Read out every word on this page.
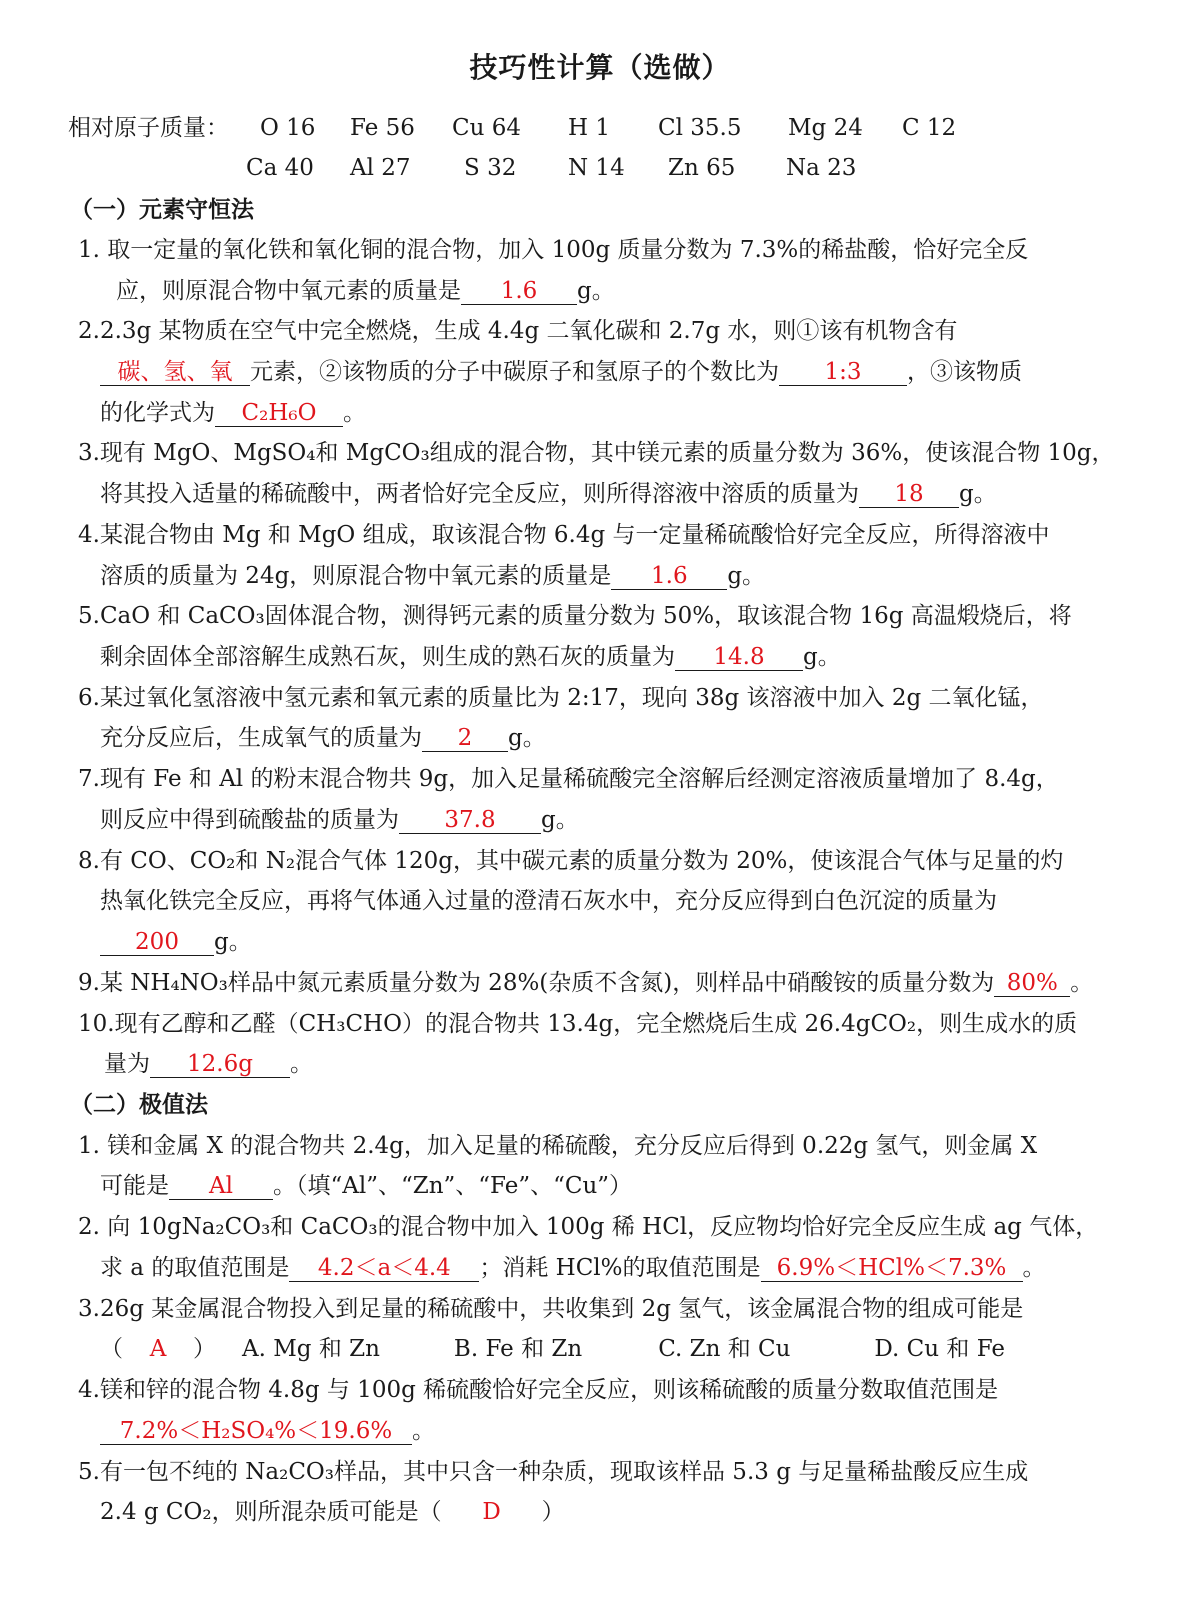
技巧性计算（选做）
相对原子质量： O 16 Fe 56 Cu 64 H 1 Cl 35.5 Mg 24 C 12
Ca 40 Al 27 S 32 N 14 Zn 65 Na 23
（一）元素守恒法
1. 取一定量的氧化铁和氧化铜的混合物，加入 100g 质量分数为 7.3%的稀盐酸，恰好完全反
应，则原混合物中氧元素的质量是 1.6 g。
2.2.3g 某物质在空气中完全燃烧，生成 4.4g 二氧化碳和 2.7g 水，则①该有机物含有
碳、氢、氧 元素，②该物质的分子中碳原子和氢原子的个数比为 1:3 ，③该物质
的化学式为 C₂H₆O 。
3.现有 MgO、MgSO₄和 MgCO₃组成的混合物，其中镁元素的质量分数为 36%，使该混合物 10g，
将其投入适量的稀硫酸中，两者恰好完全反应，则所得溶液中溶质的质量为 18 g。
4.某混合物由 Mg 和 MgO 组成，取该混合物 6.4g 与一定量稀硫酸恰好完全反应，所得溶液中
溶质的质量为 24g，则原混合物中氧元素的质量是 1.6 g。
5.CaO 和 CaCO₃固体混合物，测得钙元素的质量分数为 50%，取该混合物 16g 高温煅烧后，将
剩余固体全部溶解生成熟石灰，则生成的熟石灰的质量为 14.8 g。
6.某过氧化氢溶液中氢元素和氧元素的质量比为 2:17，现向 38g 该溶液中加入 2g 二氧化锰，
充分反应后，生成氧气的质量为 2 g。
7.现有 Fe 和 Al 的粉末混合物共 9g，加入足量稀硫酸完全溶解后经测定溶液质量增加了 8.4g，
则反应中得到硫酸盐的质量为 37.8 g。
8.有 CO、CO₂和 N₂混合气体 120g，其中碳元素的质量分数为 20%，使该混合气体与足量的灼
热氧化铁完全反应，再将气体通入过量的澄清石灰水中，充分反应得到白色沉淀的质量为
200 g。
9.某 NH₄NO₃样品中氮元素质量分数为 28%(杂质不含氮)，则样品中硝酸铵的质量分数为 80% 。
10.现有乙醇和乙醛（CH₃CHO）的混合物共 13.4g，完全燃烧后生成 26.4gCO₂，则生成水的质
量为 12.6g 。
（二）极值法
1. 镁和金属 X 的混合物共 2.4g，加入足量的稀硫酸，充分反应后得到 0.22g 氢气，则金属 X
可能是 Al 。（填“Al”、“Zn”、“Fe”、“Cu”）
2. 向 10gNa₂CO₃和 CaCO₃的混合物中加入 100g 稀 HCl，反应物均恰好完全反应生成 ag 气体，
求 a 的取值范围是 4.2＜a＜4.4 ；消耗 HCl%的取值范围是 6.9%＜HCl%＜7.3% 。
3.26g 某金属混合物投入到足量的稀硫酸中，共收集到 2g 氢气，该金属混合物的组成可能是
（ A ） A. Mg 和 Zn	B. Fe 和 Zn	C. Zn 和 Cu	D. Cu 和 Fe
4.镁和锌的混合物 4.8g 与 100g 稀硫酸恰好完全反应，则该稀硫酸的质量分数取值范围是
7.2%＜H₂SO₄%＜19.6% 。
5.有一包不纯的 Na₂CO₃样品，其中只含一种杂质，现取该样品 5.3 g 与足量稀盐酸反应生成
2.4 g CO₂，则所混杂质可能是（ D ）
